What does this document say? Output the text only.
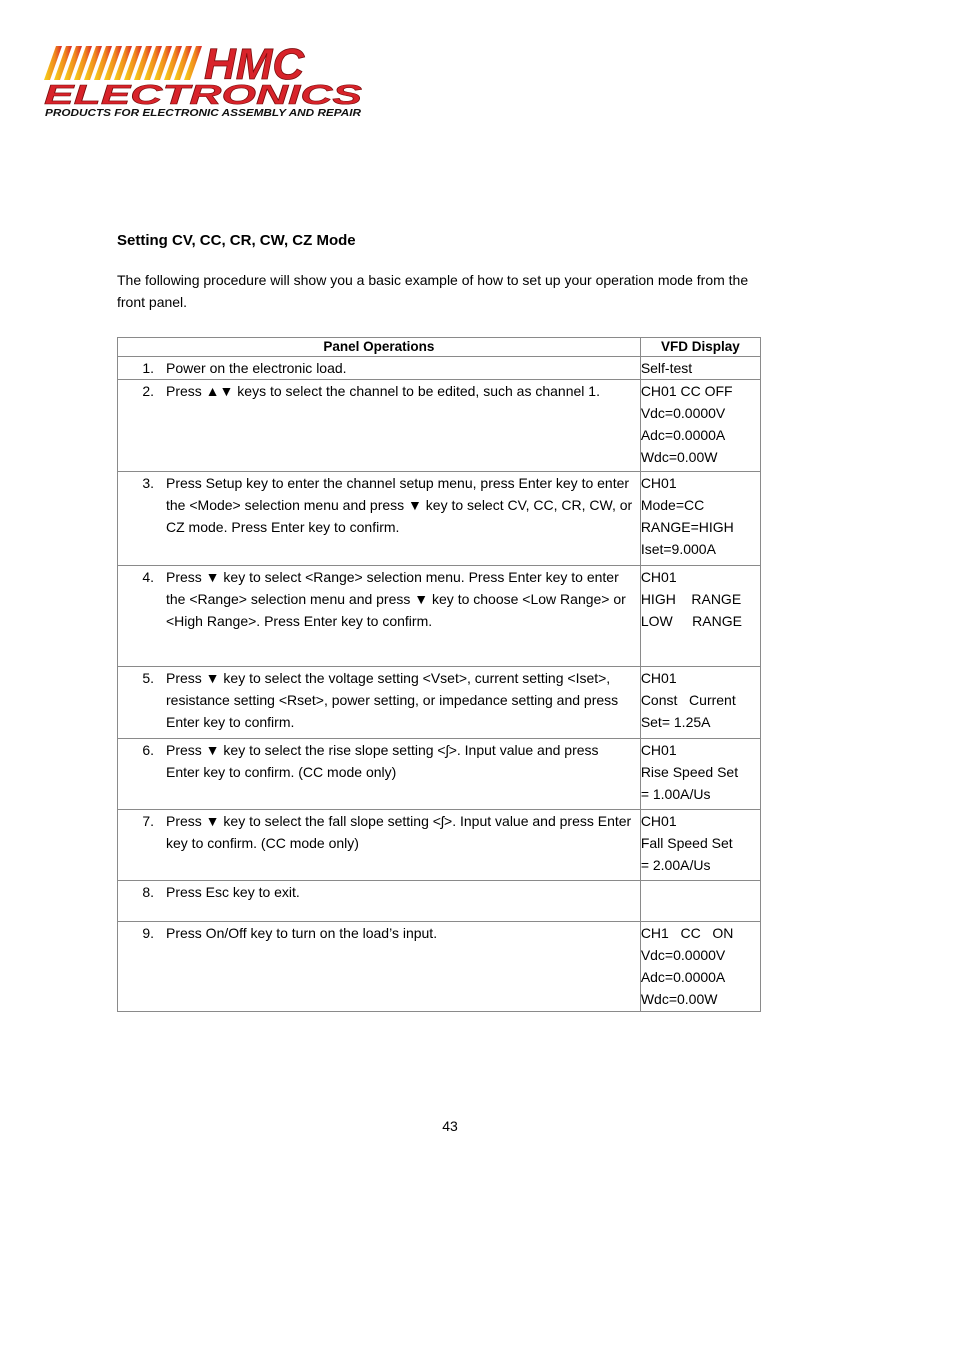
HMC
ELECTRONICS
PRODUCTS FOR ELECTRONIC ASSEMBLY AND REPAIR
Setting CV, CC, CR, CW, CZ Mode
The following procedure will show you a basic example of how to set up your operation mode from the front panel.
Panel Operations	VFD Display

1. Power on the electronic load.	Self-test

2. Press ▲▼ keys to select the channel to be edited, such as channel 1.	CH01 CC OFF
Vdc=0.0000V
Adc=0.0000A
Wdc=0.00W

3. Press Setup key to enter the channel setup menu, press Enter key to enter the <Mode> selection menu and press ▼ key to select CV, CC, CR, CW, or CZ mode. Press Enter key to confirm.	CH01
Mode=CC
RANGE=HIGH
Iset=9.000A

4. Press ▼ key to select <Range> selection menu. Press Enter key to enter the <Range> selection menu and press ▼ key to choose <Low Range> or <High Range>. Press Enter key to confirm.	CH01
HIGH    RANGE
LOW     RANGE

5. Press ▼ key to select the voltage setting <Vset>, current setting <Iset>, resistance setting <Rset>, power setting, or impedance setting and press Enter key to confirm.	CH01
Const   Current
Set= 1.25A

6. Press ▼ key to select the rise slope setting <ʃ>. Input value and press Enter key to confirm. (CC mode only)	CH01
Rise Speed Set
= 1.00A/Us

7. Press ▼ key to select the fall slope setting <ʃ>. Input value and press Enter key to confirm. (CC mode only)	CH01
Fall Speed Set
= 2.00A/Us

8. Press Esc key to exit.	

9. Press On/Off key to turn on the load’s input.	CH1   CC   ON
Vdc=0.0000V
Adc=0.0000A
Wdc=0.00W
43
